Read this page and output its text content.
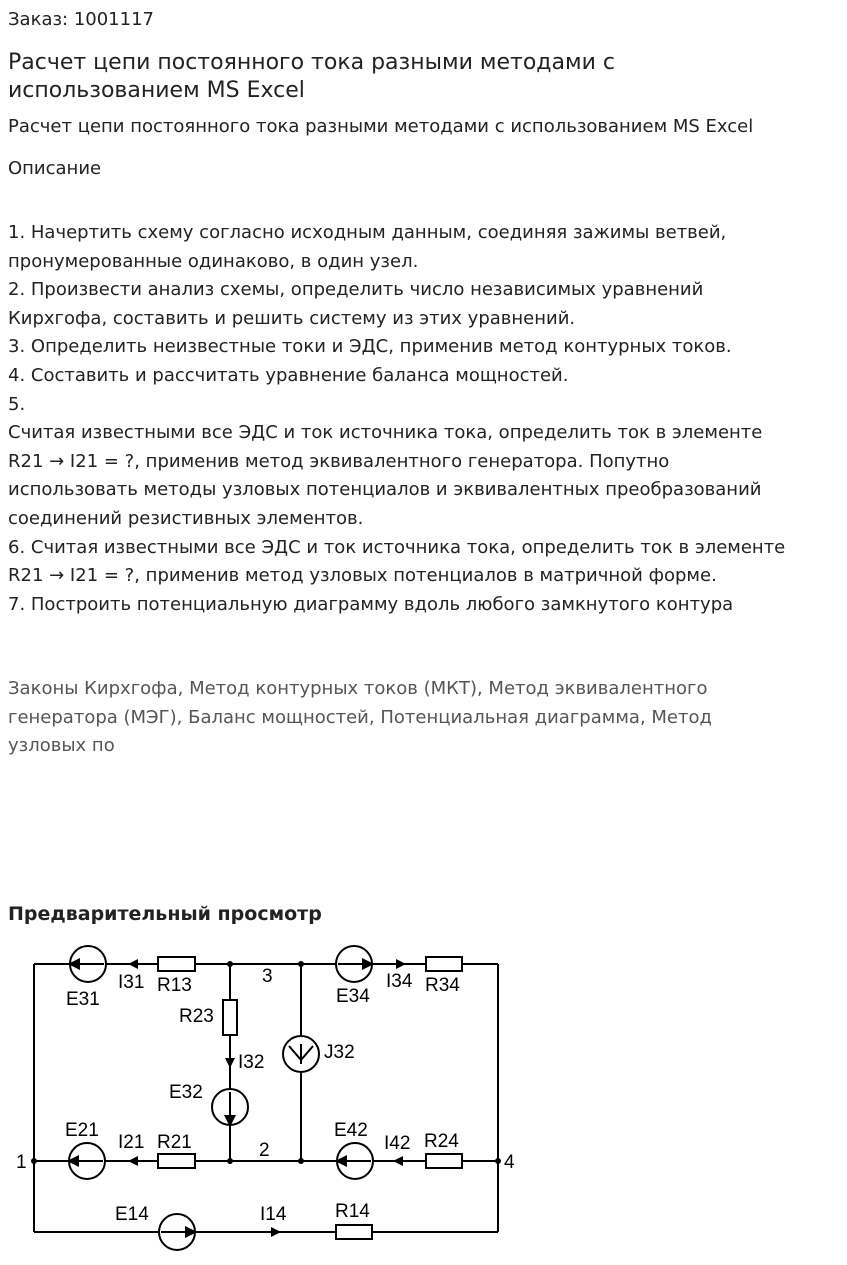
Заказ: 1001117
Расчет цепи постоянного тока разными методами с использованием MS Excel
Расчет цепи постоянного тока разными методами с использованием MS Excel
Описание
1. Начертить схему согласно исходным данным, соединяя зажимы ветвей,
пронумерованные одинаково, в один узел.
2. Произвести анализ схемы, определить число независимых уравнений
Кирхгофа, составить и решить систему из этих уравнений.
3. Определить неизвестные токи и ЭДС, применив метод контурных токов.
4. Составить и рассчитать уравнение баланса мощностей.
5.
Считая известными все ЭДС и ток источника тока, определить ток в элементе
R21 → I21 = ?, применив метод эквивалентного генератора. Попутно
использовать методы узловых потенциалов и эквивалентных преобразований
соединений резистивных элементов.
6. Считая известными все ЭДС и ток источника тока, определить ток в элементе
R21 → I21 = ?, применив метод узловых потенциалов в матричной форме.
7. Построить потенциальную диаграмму вдоль любого замкнутого контура
Законы Кирхгофа, Метод контурных токов (МКТ), Метод эквивалентного генератора (МЭГ), Баланс мощностей, Потенциальная диаграмма, Метод узловых по
Предварительный просмотр
E31
I31 R13	3
E34
I34 R34
R23
J32
I32
E32
E21
I21 R21	2
E42
I42 R24
1	4
E14	I14	R14
